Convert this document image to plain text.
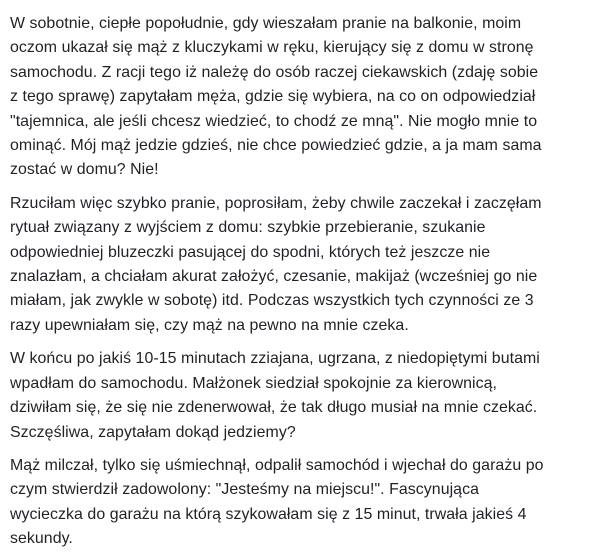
W sobotnie, ciepłe popołudnie, gdy wieszałam pranie na balkonie, moim
oczom ukazał się mąż z kluczykami w ręku, kierujący się z domu w stronę
samochodu. Z racji tego iż należę do osób raczej ciekawskich (zdaję sobie
z tego sprawę) zapytałam męża, gdzie się wybiera, na co on odpowiedział
"tajemnica, ale jeśli chcesz wiedzieć, to chodź ze mną". Nie mogło mnie to
ominąć. Mój mąż jedzie gdzieś, nie chce powiedzieć gdzie, a ja mam sama
zostać w domu? Nie!

Rzuciłam więc szybko pranie, poprosiłam, żeby chwile zaczekał i zaczęłam
rytuał związany z wyjściem z domu: szybkie przebieranie, szukanie
odpowiedniej bluzeczki pasującej do spodni, których też jeszcze nie
znalazłam, a chciałam akurat założyć, czesanie, makijaż (wcześniej go nie
miałam, jak zwykle w sobotę) itd. Podczas wszystkich tych czynności ze 3
razy upewniałam się, czy mąż na pewno na mnie czeka.

W końcu po jakiś 10-15 minutach zziajana, ugrzana, z niedopiętymi butami
wpadłam do samochodu. Małżonek siedział spokojnie za kierownicą,
dziwiłam się, że się nie zdenerwował, że tak długo musiał na mnie czekać.
Szczęśliwa, zapytałam dokąd jedziemy?

Mąż milczał, tylko się uśmiechnął, odpalił samochód i wjechał do garażu po
czym stwierdził zadowolony: "Jesteśmy na miejscu!". Fascynująca
wycieczka do garażu na którą szykowałam się z 15 minut, trwała jakieś 4
sekundy.
